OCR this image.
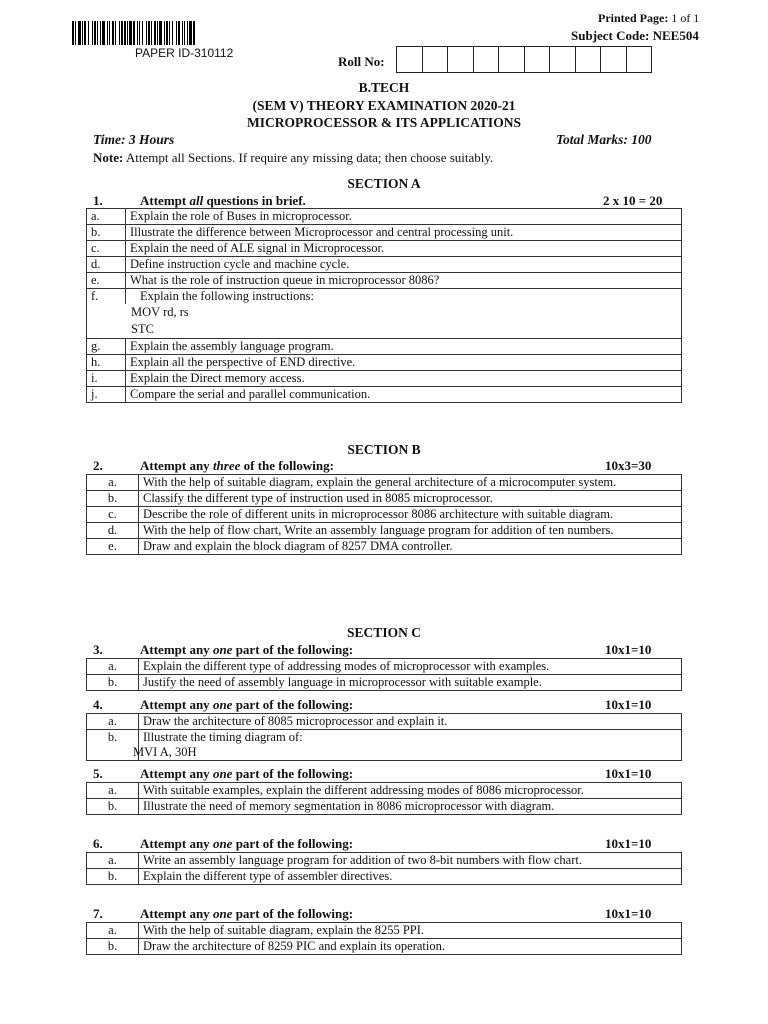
PAPER ID-310112
Printed Page: 1 of 1
Subject Code: NEE504
Roll No:
B.TECH
(SEM V) THEORY EXAMINATION 2020-21
MICROPROCESSOR & ITS APPLICATIONS
Time: 3 Hours	Total Marks: 100
Note: Attempt all Sections. If require any missing data; then choose suitably.
SECTION A
1.	Attempt all questions in brief.	2 x 10 = 20
a.	Explain the role of Buses in microprocessor.
b.	Illustrate the difference between Microprocessor and central processing unit.
c.	Explain the need of ALE signal in Microprocessor.
d.	Define instruction cycle and machine cycle.
e.	What is the role of instruction queue in microprocessor 8086?

f. Explain the following instructions:
MOV rd, rs
STC	

g.	Explain the assembly language program.
h.	Explain all the perspective of END directive.
i.	Explain the Direct memory access.
j.	Compare the serial and parallel communication.
SECTION B
2.	Attempt any three of the following:	10x3=30
a.	With the help of suitable diagram, explain the general architecture of a microcomputer system.
b.	Classify the different type of instruction used in 8085 microprocessor.
c.	Describe the role of different units in microprocessor 8086 architecture with suitable diagram.
d.	With the help of flow chart, Write an assembly language program for addition of ten numbers.
e.	Draw and explain the block diagram of 8257 DMA controller.
SECTION C
3.	Attempt any one part of the following:	10x1=10
a.	Explain the different type of addressing modes of microprocessor with examples.
b.	Justify the need of assembly language in microprocessor with suitable example.
4.	Attempt any one part of the following:	10x1=10
a.	Draw the architecture of 8085 microprocessor and explain it.
b.	Illustrate the timing diagram of:
MVI A, 30H
5.	Attempt any one part of the following:	10x1=10
a.	With suitable examples, explain the different addressing modes of 8086 microprocessor.
b.	Illustrate the need of memory segmentation in 8086 microprocessor with diagram.
6.	Attempt any one part of the following:	10x1=10
a.	Write an assembly language program for addition of two 8-bit numbers with flow chart.
b.	Explain the different type of assembler directives.
7.	Attempt any one part of the following:	10x1=10
a.	With the help of suitable diagram, explain the 8255 PPI.
b.	Draw the architecture of 8259 PIC and explain its operation.
